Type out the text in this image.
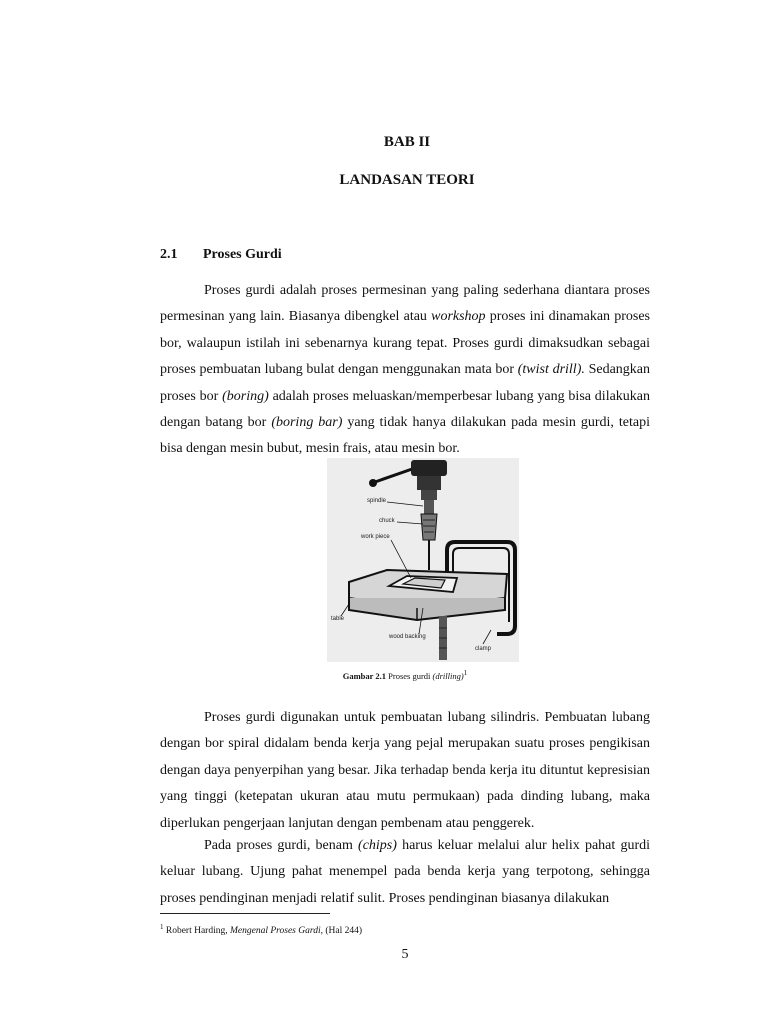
BAB II
LANDASAN TEORI
2.1 Proses Gurdi

Proses gurdi adalah proses permesinan yang paling sederhana diantara proses permesinan yang lain. Biasanya dibengkel atau workshop proses ini dinamakan proses bor, walaupun istilah ini sebenarnya kurang tepat. Proses gurdi dimaksudkan sebagai proses pembuatan lubang bulat dengan menggunakan mata bor (twist drill). Sedangkan proses bor (boring) adalah proses meluaskan/memperbesar lubang yang bisa dilakukan dengan batang bor (boring bar) yang tidak hanya dilakukan pada mesin gurdi, tetapi bisa dengan mesin bubut, mesin frais, atau mesin bor.

spindle
chuck
work piece
table
wood backing
clamp
Gambar 2.1 Proses gurdi (drilling)$^1$

Proses gurdi digunakan untuk pembuatan lubang silindris. Pembuatan lubang dengan bor spiral didalam benda kerja yang pejal merupakan suatu proses pengikisan dengan daya penyerpihan yang besar. Jika terhadap benda kerja itu dituntut kepresisian yang tinggi (ketepatan ukuran atau mutu permukaan) pada dinding lubang, maka diperlukan pengerjaan lanjutan dengan pembenam atau penggerek.

Pada proses gurdi, benam (chips) harus keluar melalui alur helix pahat gurdi keluar lubang. Ujung pahat menempel pada benda kerja yang terpotong, sehingga proses pendinginan menjadi relatif sulit. Proses pendinginan biasanya dilakukan

$^1$ Robert Harding, Mengenal Proses Gardi, (Hal 244)
5
